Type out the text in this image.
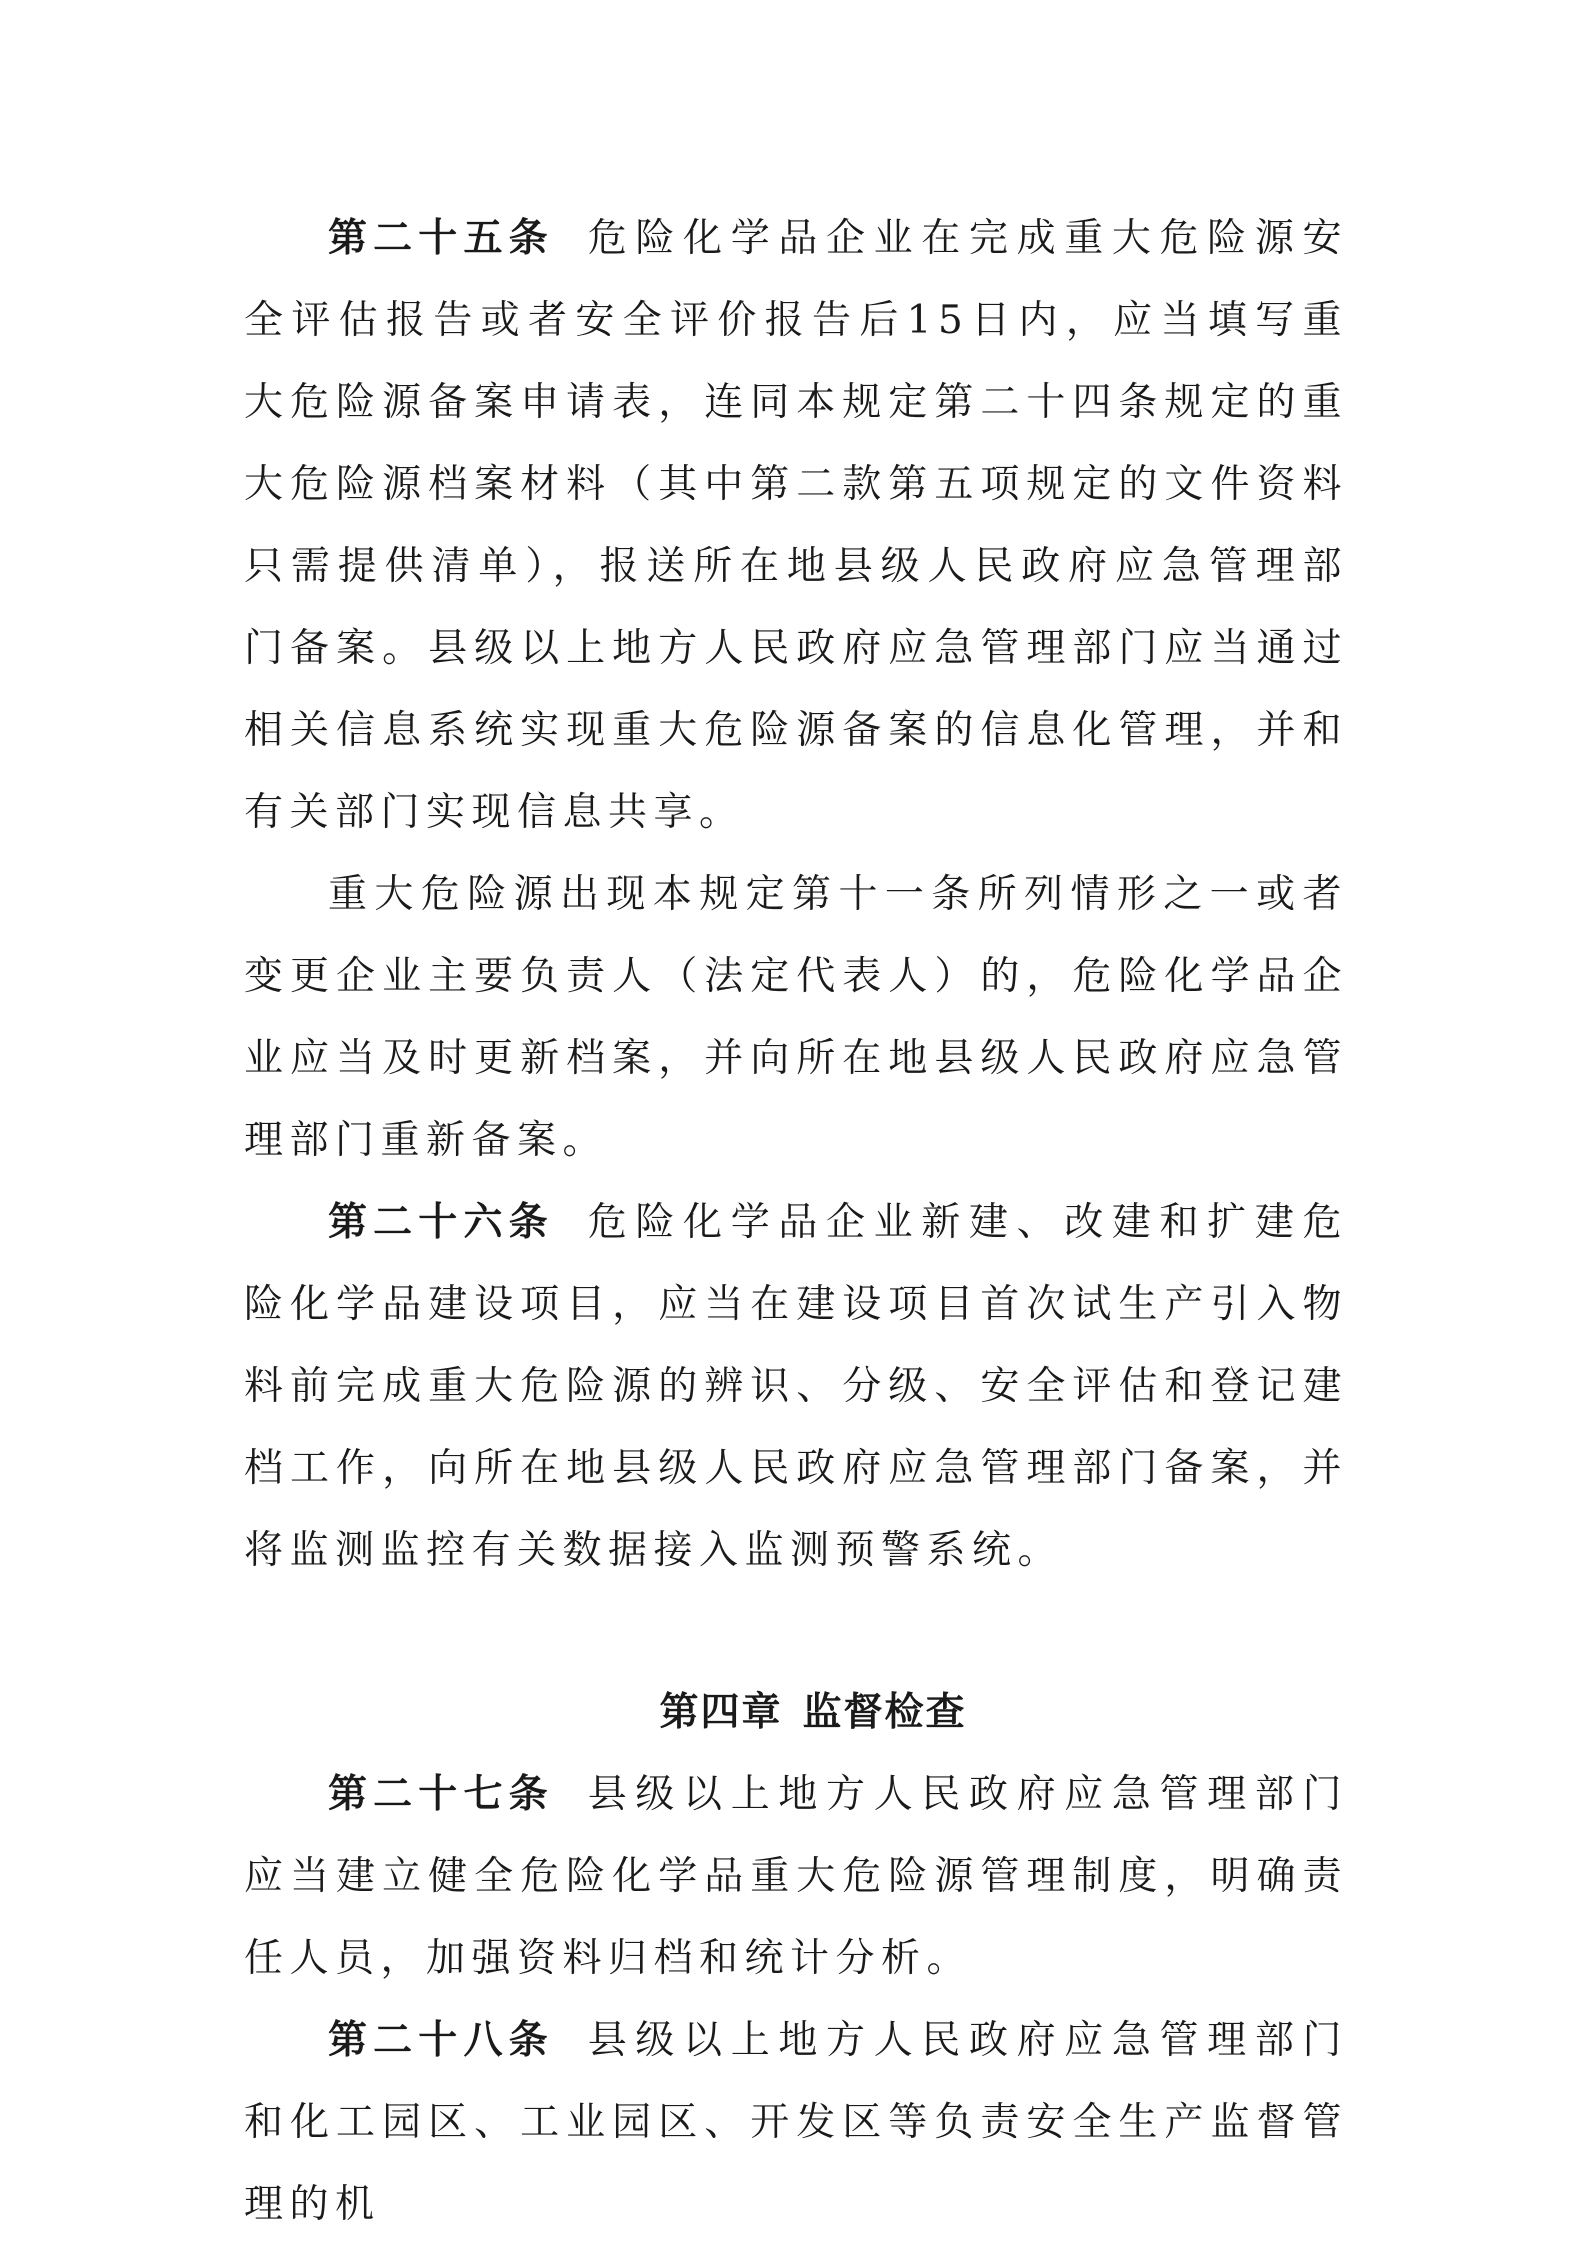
第二十五条 危险化学品企业在完成重大危险源安全评估报告或者安全评价报告后15日内，应当填写重大危险源备案申请表，连同本规定第二十四条规定的重大危险源档案材料（其中第二款第五项规定的文件资料只需提供清单），报送所在地县级人民政府应急管理部门备案。县级以上地方人民政府应急管理部门应当通过相关信息系统实现重大危险源备案的信息化管理，并和有关部门实现信息共享。

重大危险源出现本规定第十一条所列情形之一或者变更企业主要负责人（法定代表人）的，危险化学品企业应当及时更新档案，并向所在地县级人民政府应急管理部门重新备案。

第二十六条 危险化学品企业新建、改建和扩建危险化学品建设项目，应当在建设项目首次试生产引入物料前完成重大危险源的辨识、分级、安全评估和登记建档工作，向所在地县级人民政府应急管理部门备案，并将监测监控有关数据接入监测预警系统。

第四章 监督检查

第二十七条 县级以上地方人民政府应急管理部门应当建立健全危险化学品重大危险源管理制度，明确责任人员，加强资料归档和统计分析。

第二十八条 县级以上地方人民政府应急管理部门和化工园区、工业园区、开发区等负责安全生产监督管理的机
